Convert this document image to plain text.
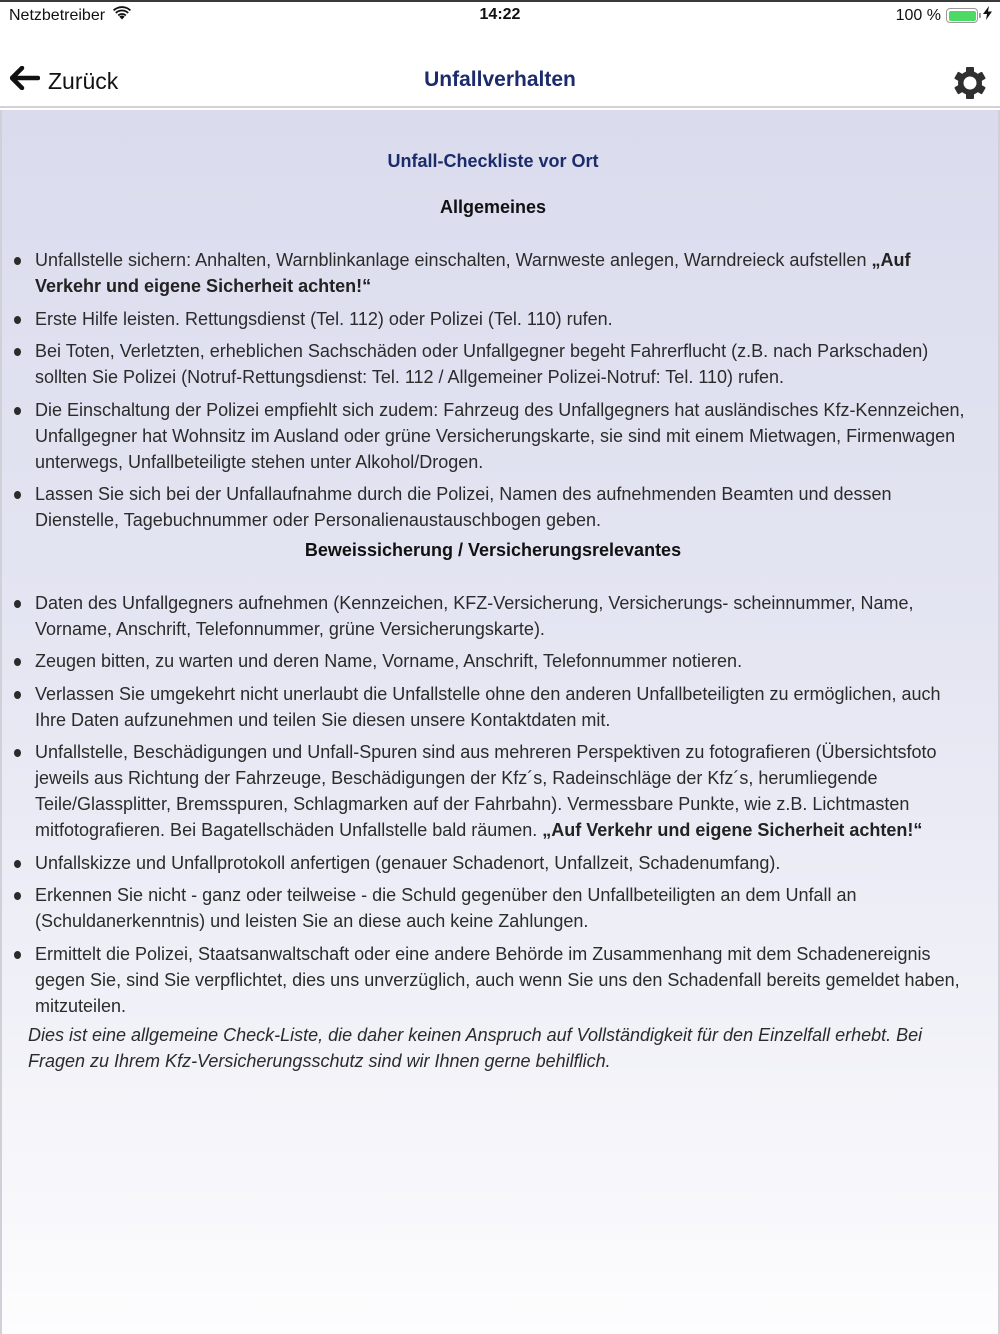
Netzbetreiber	14:22	100 %
Zurück	Unfallverhalten
Unfall-Checkliste vor Ort
Allgemeines
Unfallstelle sichern: Anhalten, Warnblinkanlage einschalten, Warnweste anlegen, Warndreieck aufstellen „Auf Verkehr und eigene Sicherheit achten!“
Erste Hilfe leisten. Rettungsdienst (Tel. 112) oder Polizei (Tel. 110) rufen.
Bei Toten, Verletzten, erheblichen Sachschäden oder Unfallgegner begeht Fahrerflucht (z.B. nach Parkschaden) sollten Sie Polizei (Notruf-Rettungsdienst: Tel. 112 / Allgemeiner Polizei-Notruf: Tel. 110) rufen.
Die Einschaltung der Polizei empfiehlt sich zudem: Fahrzeug des Unfallgegners hat ausländisches Kfz-Kennzeichen, Unfallgegner hat Wohnsitz im Ausland oder grüne Versicherungskarte, sie sind mit einem Mietwagen, Firmenwagen unterwegs, Unfallbeteiligte stehen unter Alkohol/Drogen.
Lassen Sie sich bei der Unfallaufnahme durch die Polizei, Namen des aufnehmenden Beamten und dessen Dienstelle, Tagebuchnummer oder Personalienaustauschbogen geben.
Beweissicherung / Versicherungsrelevantes
Daten des Unfallgegners aufnehmen (Kennzeichen, KFZ-Versicherung, Versicherungs- scheinnummer, Name, Vorname, Anschrift, Telefonnummer, grüne Versicherungskarte).
Zeugen bitten, zu warten und deren Name, Vorname, Anschrift, Telefonnummer notieren.
Verlassen Sie umgekehrt nicht unerlaubt die Unfallstelle ohne den anderen Unfallbeteiligten zu ermöglichen, auch Ihre Daten aufzunehmen und teilen Sie diesen unsere Kontaktdaten mit.
Unfallstelle, Beschädigungen und Unfall-Spuren sind aus mehreren Perspektiven zu fotografieren (Übersichtsfoto jeweils aus Richtung der Fahrzeuge, Beschädigungen der Kfz´s, Radeinschläge der Kfz´s, herumliegende Teile/Glassplitter, Bremsspuren, Schlagmarken auf der Fahrbahn). Vermessbare Punkte, wie z.B. Lichtmasten mitfotografieren. Bei Bagatellschäden Unfallstelle bald räumen. „Auf Verkehr und eigene Sicherheit achten!“
Unfallskizze und Unfallprotokoll anfertigen (genauer Schadenort, Unfallzeit, Schadenumfang).
Erkennen Sie nicht - ganz oder teilweise - die Schuld gegenüber den Unfallbeteiligten an dem Unfall an (Schuldanerkenntnis) und leisten Sie an diese auch keine Zahlungen.
Ermittelt die Polizei, Staatsanwaltschaft oder eine andere Behörde im Zusammenhang mit dem Schadenereignis gegen Sie, sind Sie verpflichtet, dies uns unverzüglich, auch wenn Sie uns den Schadenfall bereits gemeldet haben, mitzuteilen.

Dies ist eine allgemeine Check-Liste, die daher keinen Anspruch auf Vollständigkeit für den Einzelfall erhebt. Bei Fragen zu Ihrem Kfz-Versicherungsschutz sind wir Ihnen gerne behilflich.
